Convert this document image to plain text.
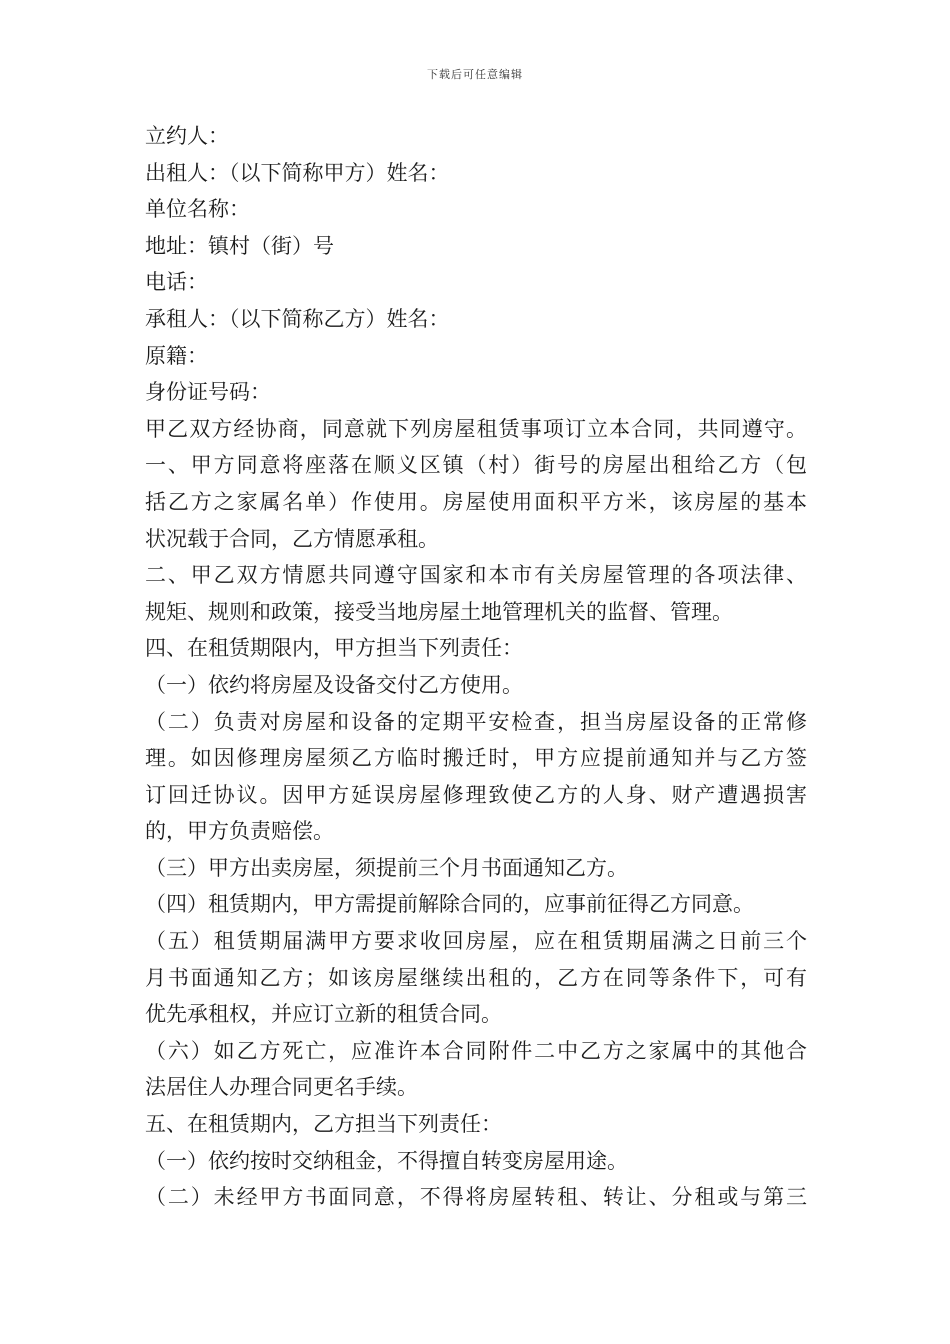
下载后可任意编辑
立约人：
出租人：（以下简称甲方）姓名：
单位名称：
地址：镇村（街）号
电话：
承租人：（以下简称乙方）姓名：
原籍：
身份证号码：
甲乙双方经协商，同意就下列房屋租赁事项订立本合同，共同遵守。
一、甲方同意将座落在顺义区镇（村）街号的房屋出租给乙方（包
括乙方之家属名单）作使用。房屋使用面积平方米，该房屋的基本
状况载于合同，乙方情愿承租。
二、甲乙双方情愿共同遵守国家和本市有关房屋管理的各项法律、
规矩、规则和政策，接受当地房屋土地管理机关的监督、管理。
四、在租赁期限内，甲方担当下列责任：
（一）依约将房屋及设备交付乙方使用。
（二）负责对房屋和设备的定期平安检查，担当房屋设备的正常修
理。如因修理房屋须乙方临时搬迁时，甲方应提前通知并与乙方签
订回迁协议。因甲方延误房屋修理致使乙方的人身、财产遭遇损害
的，甲方负责赔偿。
（三）甲方出卖房屋，须提前三个月书面通知乙方。
（四）租赁期内，甲方需提前解除合同的，应事前征得乙方同意。
（五）租赁期届满甲方要求收回房屋，应在租赁期届满之日前三个
月书面通知乙方；如该房屋继续出租的，乙方在同等条件下，可有
优先承租权，并应订立新的租赁合同。
（六）如乙方死亡，应准许本合同附件二中乙方之家属中的其他合
法居住人办理合同更名手续。
五、在租赁期内，乙方担当下列责任：
（一）依约按时交纳租金，不得擅自转变房屋用途。
（二）未经甲方书面同意，不得将房屋转租、转让、分租或与第三
